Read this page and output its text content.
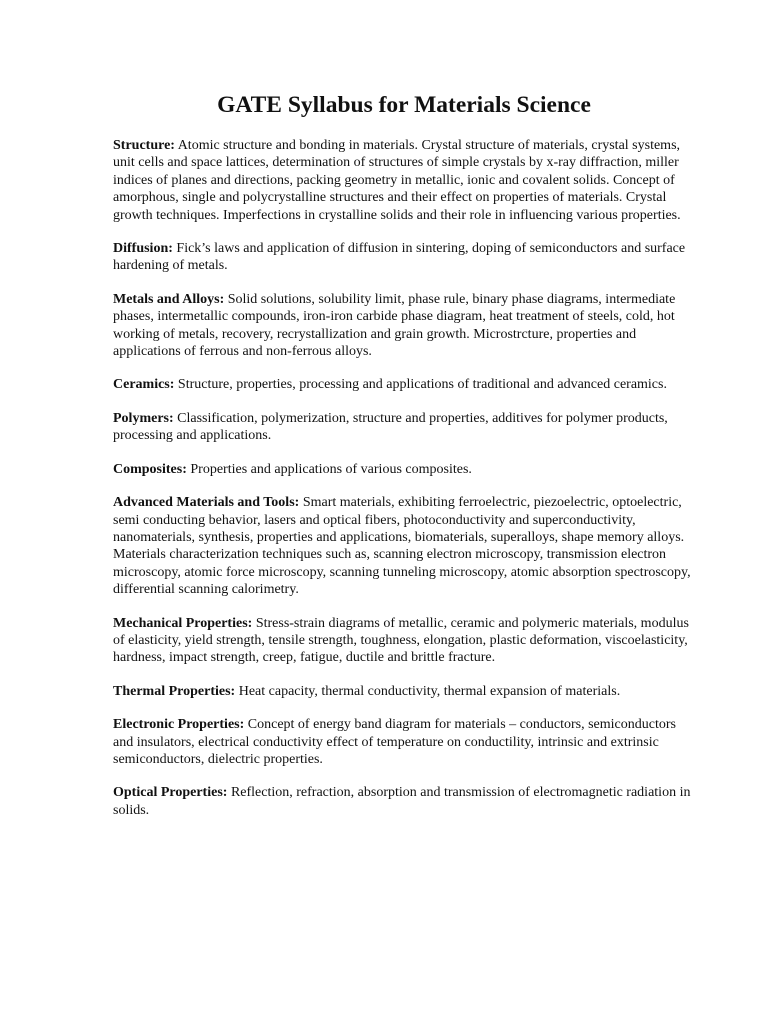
GATE Syllabus for Materials Science

Structure: Atomic structure and bonding in materials. Crystal structure of materials, crystal systems, unit cells and space lattices, determination of structures of simple crystals by x-ray diffraction, miller indices of planes and directions, packing geometry in metallic, ionic and covalent solids. Concept of amorphous, single and polycrystalline structures and their effect on properties of materials. Crystal growth techniques. Imperfections in crystalline solids and their role in influencing various properties.

Diffusion: Fick’s laws and application of diffusion in sintering, doping of semiconductors and surface hardening of metals.

Metals and Alloys: Solid solutions, solubility limit, phase rule, binary phase diagrams, intermediate phases, intermetallic compounds, iron-iron carbide phase diagram, heat treatment of steels, cold, hot working of metals, recovery, recrystallization and grain growth. Microstrcture, properties and applications of ferrous and non-ferrous alloys.

Ceramics: Structure, properties, processing and applications of traditional and advanced ceramics.

Polymers: Classification, polymerization, structure and properties, additives for polymer products, processing and applications.

Composites: Properties and applications of various composites.

Advanced Materials and Tools: Smart materials, exhibiting ferroelectric, piezoelectric, optoelectric, semi conducting behavior, lasers and optical fibers, photoconductivity and superconductivity, nanomaterials, synthesis, properties and applications, biomaterials, superalloys, shape memory alloys. Materials characterization techniques such as, scanning electron microscopy, transmission electron microscopy, atomic force microscopy, scanning tunneling microscopy, atomic absorption spectroscopy, differential scanning calorimetry.

Mechanical Properties: Stress-strain diagrams of metallic, ceramic and polymeric materials, modulus of elasticity, yield strength, tensile strength, toughness, elongation, plastic deformation, viscoelasticity, hardness, impact strength, creep, fatigue, ductile and brittle fracture.

Thermal Properties: Heat capacity, thermal conductivity, thermal expansion of materials.

Electronic Properties: Concept of energy band diagram for materials – conductors, semiconductors and insulators, electrical conductivity effect of temperature on conductility, intrinsic and extrinsic semiconductors, dielectric properties.

Optical Properties: Reflection, refraction, absorption and transmission of electromagnetic radiation in solids.
